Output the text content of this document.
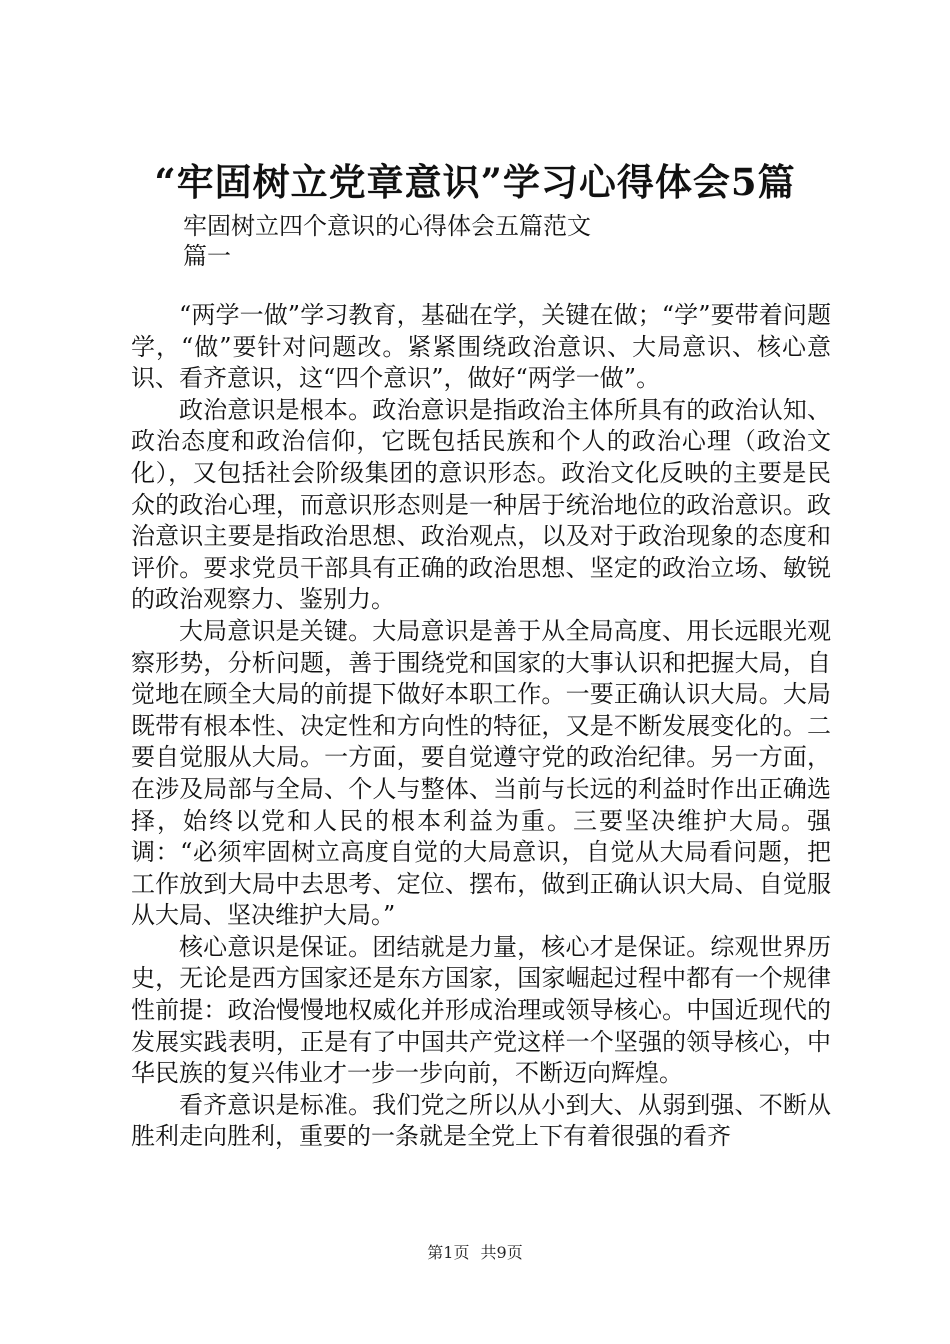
“牢固树立党章意识”学习心得体会5篇
牢固树立四个意识的心得体会五篇范文
篇一

“两学一做”学习教育，基础在学，关键在做；“学”要带着问题学，“做”要针对问题改。紧紧围绕政治意识、大局意识、核心意识、看齐意识，这“四个意识”，做好“两学一做”。

政治意识是根本。政治意识是指政治主体所具有的政治认知、政治态度和政治信仰，它既包括民族和个人的政治心理（政治文化），又包括社会阶级集团的意识形态。政治文化反映的主要是民众的政治心理，而意识形态则是一种居于统治地位的政治意识。政治意识主要是指政治思想、政治观点，以及对于政治现象的态度和评价。要求党员干部具有正确的政治思想、坚定的政治立场、敏锐的政治观察力、鉴别力。

大局意识是关键。大局意识是善于从全局高度、用长远眼光观察形势，分析问题，善于围绕党和国家的大事认识和把握大局，自觉地在顾全大局的前提下做好本职工作。一要正确认识大局。大局既带有根本性、决定性和方向性的特征，又是不断发展变化的。二要自觉服从大局。一方面，要自觉遵守党的政治纪律。另一方面，在涉及局部与全局、个人与整体、当前与长远的利益时作出正确选择，始终以党和人民的根本利益为重。三要坚决维护大局。强调：“必须牢固树立高度自觉的大局意识，自觉从大局看问题，把工作放到大局中去思考、定位、摆布，做到正确认识大局、自觉服从大局、坚决维护大局。”

核心意识是保证。团结就是力量，核心才是保证。综观世界历史，无论是西方国家还是东方国家，国家崛起过程中都有一个规律性前提：政治慢慢地权威化并形成治理或领导核心。中国近现代的发展实践表明，正是有了中国共产党这样一个坚强的领导核心，中华民族的复兴伟业才一步一步向前，不断迈向辉煌。

看齐意识是标准。我们党之所以从小到大、从弱到强、不断从胜利走向胜利，重要的一条就是全党上下有着很强的看齐

第1页 共9页
